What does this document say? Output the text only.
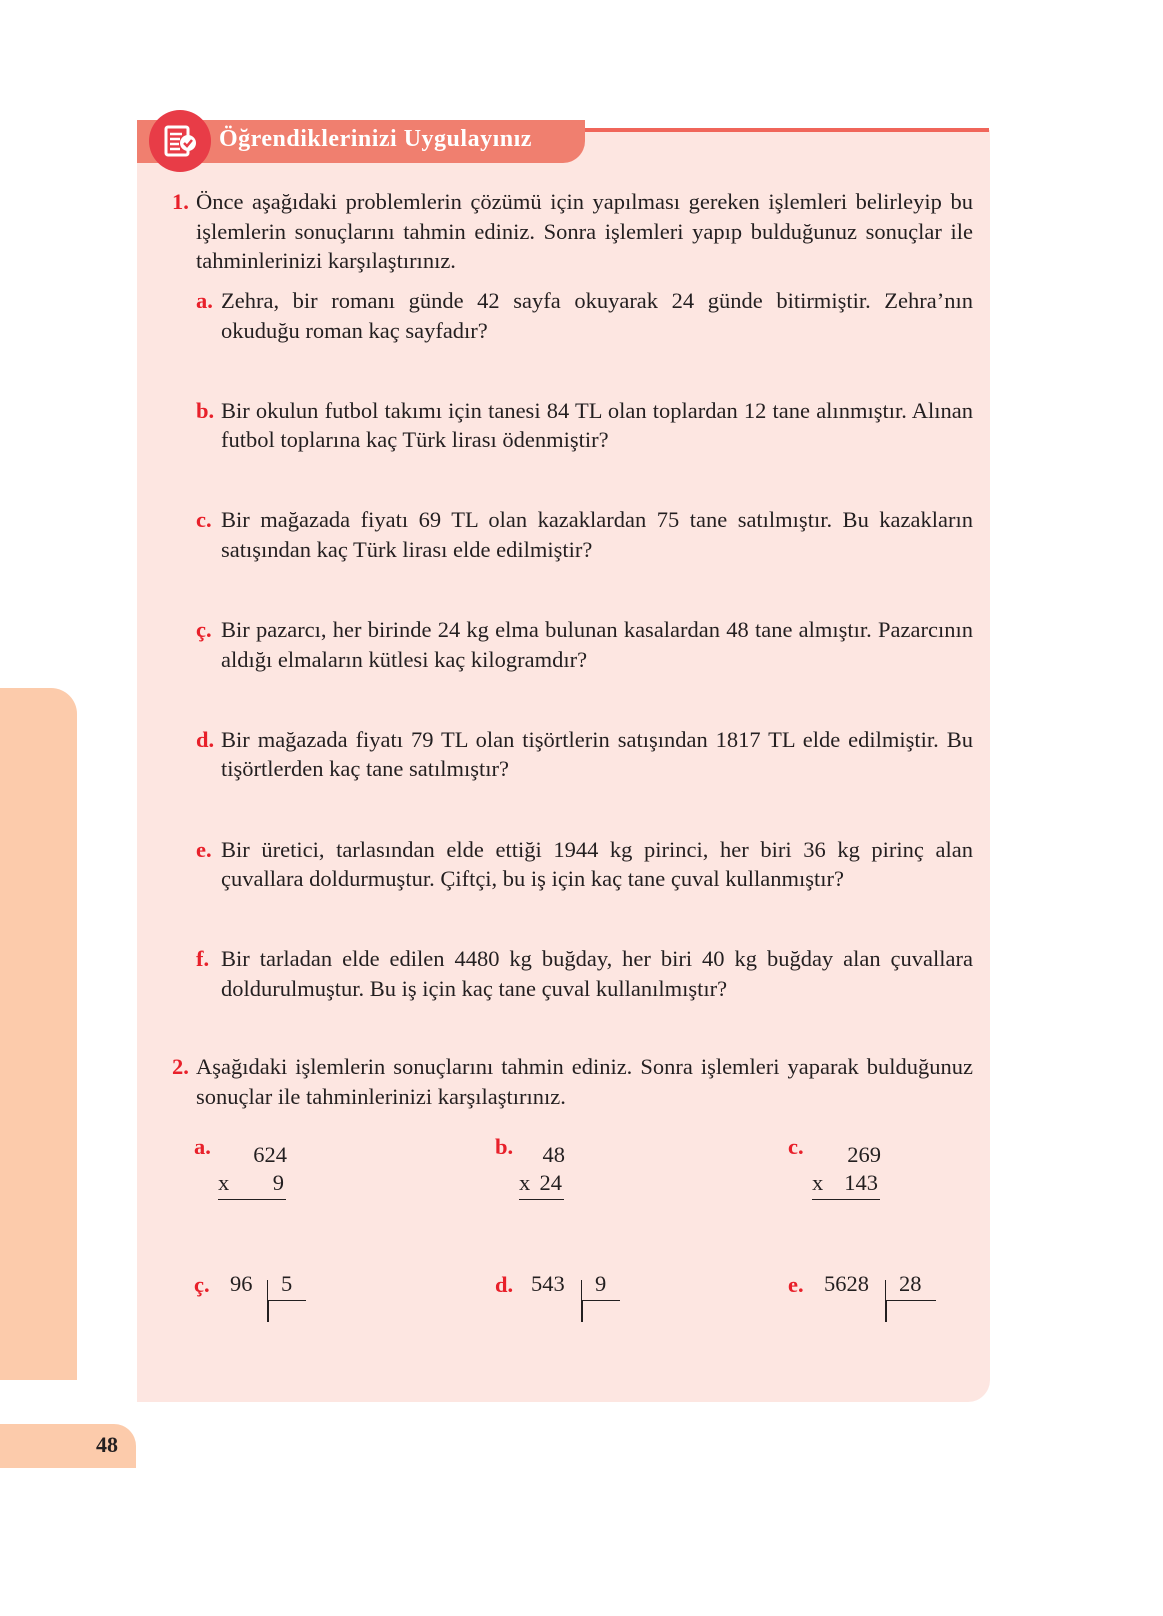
Öğrendiklerinizi Uygulayınız
1. Önce aşağıdaki problemlerin çözümü için yapılması gereken işlemleri belirleyip bu işlemlerin sonuçlarını tahmin ediniz. Sonra işlemleri yapıp bulduğunuz sonuçlar ile tahminlerinizi karşılaştırınız.
a. Zehra, bir romanı günde 42 sayfa okuyarak 24 günde bitirmiştir. Zehra’nın okuduğu roman kaç sayfadır?
b. Bir okulun futbol takımı için tanesi 84 TL olan toplardan 12 tane alınmıştır. Alınan futbol toplarına kaç Türk lirası ödenmiştir?
c. Bir mağazada fiyatı 69 TL olan kazaklardan 75 tane satılmıştır. Bu kazakların satışından kaç Türk lirası elde edilmiştir?
ç. Bir pazarcı, her birinde 24 kg elma bulunan kasalardan 48 tane almıştır. Pazarcının aldığı elmaların kütlesi kaç kilogramdır?
d. Bir mağazada fiyatı 79 TL olan tişörtlerin satışından 1817 TL elde edilmiştir. Bu tişörtlerden kaç tane satılmıştır?
e. Bir üretici, tarlasından elde ettiği 1944 kg pirinci, her biri 36 kg pirinç alan çuvallara doldurmuştur. Çiftçi, bu iş için kaç tane çuval kullanmıştır?
f. Bir tarladan elde edilen 4480 kg buğday, her biri 40 kg buğday alan çuvallara doldurulmuştur. Bu iş için kaç tane çuval kullanılmıştır?
2. Aşağıdaki işlemlerin sonuçlarını tahmin ediniz. Sonra işlemleri yaparak bulduğunuz sonuçlar ile tahminlerinizi karşılaştırınız.
a.	624
x 9
b.	48
x 24
c.	269
x 143
ç. 96 5	d. 543 9	e. 5628 28
48
